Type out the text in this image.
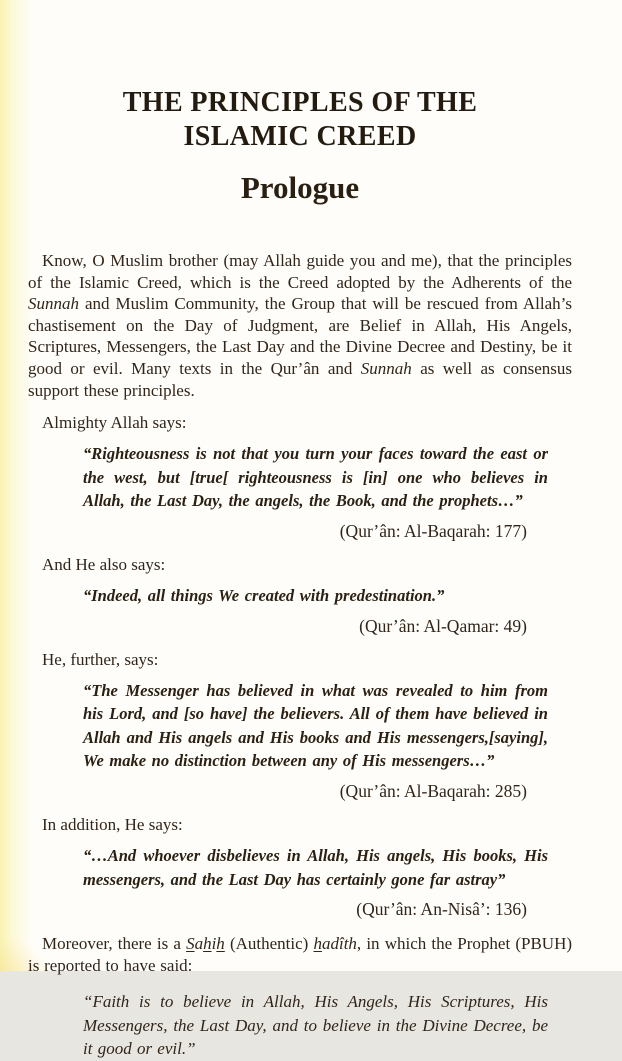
THE PRINCIPLES OF THE
ISLAMIC CREED
Prologue
Know, O Muslim brother (may Allah guide you and me), that the principles of the Islamic Creed, which is the Creed adopted by the Adherents of the Sunnah and Muslim Community, the Group that will be rescued from Allah’s chastisement on the Day of Judgment, are Belief in Allah, His Angels, Scriptures, Messengers, the Last Day and the Divine Decree and Destiny, be it good or evil. Many texts in the Qur’ân and Sunnah as well as consensus support these principles.
Almighty Allah says:
“Righteousness is not that you turn your faces toward the east or the west, but [true[ righteousness is [in] one who believes in Allah, the Last Day, the angels, the Book, and the prophets…”
(Qur’ân: Al-Baqarah: 177)
And He also says:
“Indeed, all things We created with predestination.”
(Qur’ân: Al-Qamar: 49)
He, further, says:
“The Messenger has believed in what was revealed to him from his Lord, and [so have] the believers. All of them have believed in Allah and His angels and His books and His messengers,[saying], We make no distinction between any of His messengers…”
(Qur’ân: Al-Baqarah: 285)
In addition, He says:
“…And whoever disbelieves in Allah, His angels, His books, His messengers, and the Last Day has certainly gone far astray”
(Qur’ân: An-Nisâ’: 136)
Moreover, there is a Sahih (Authentic) hadîth, in which the Prophet (PBUH) is reported to have said:
“Faith is to believe in Allah, His Angels, His Scriptures, His Messengers, the Last Day, and to believe in the Divine Decree, be it good or evil.”
